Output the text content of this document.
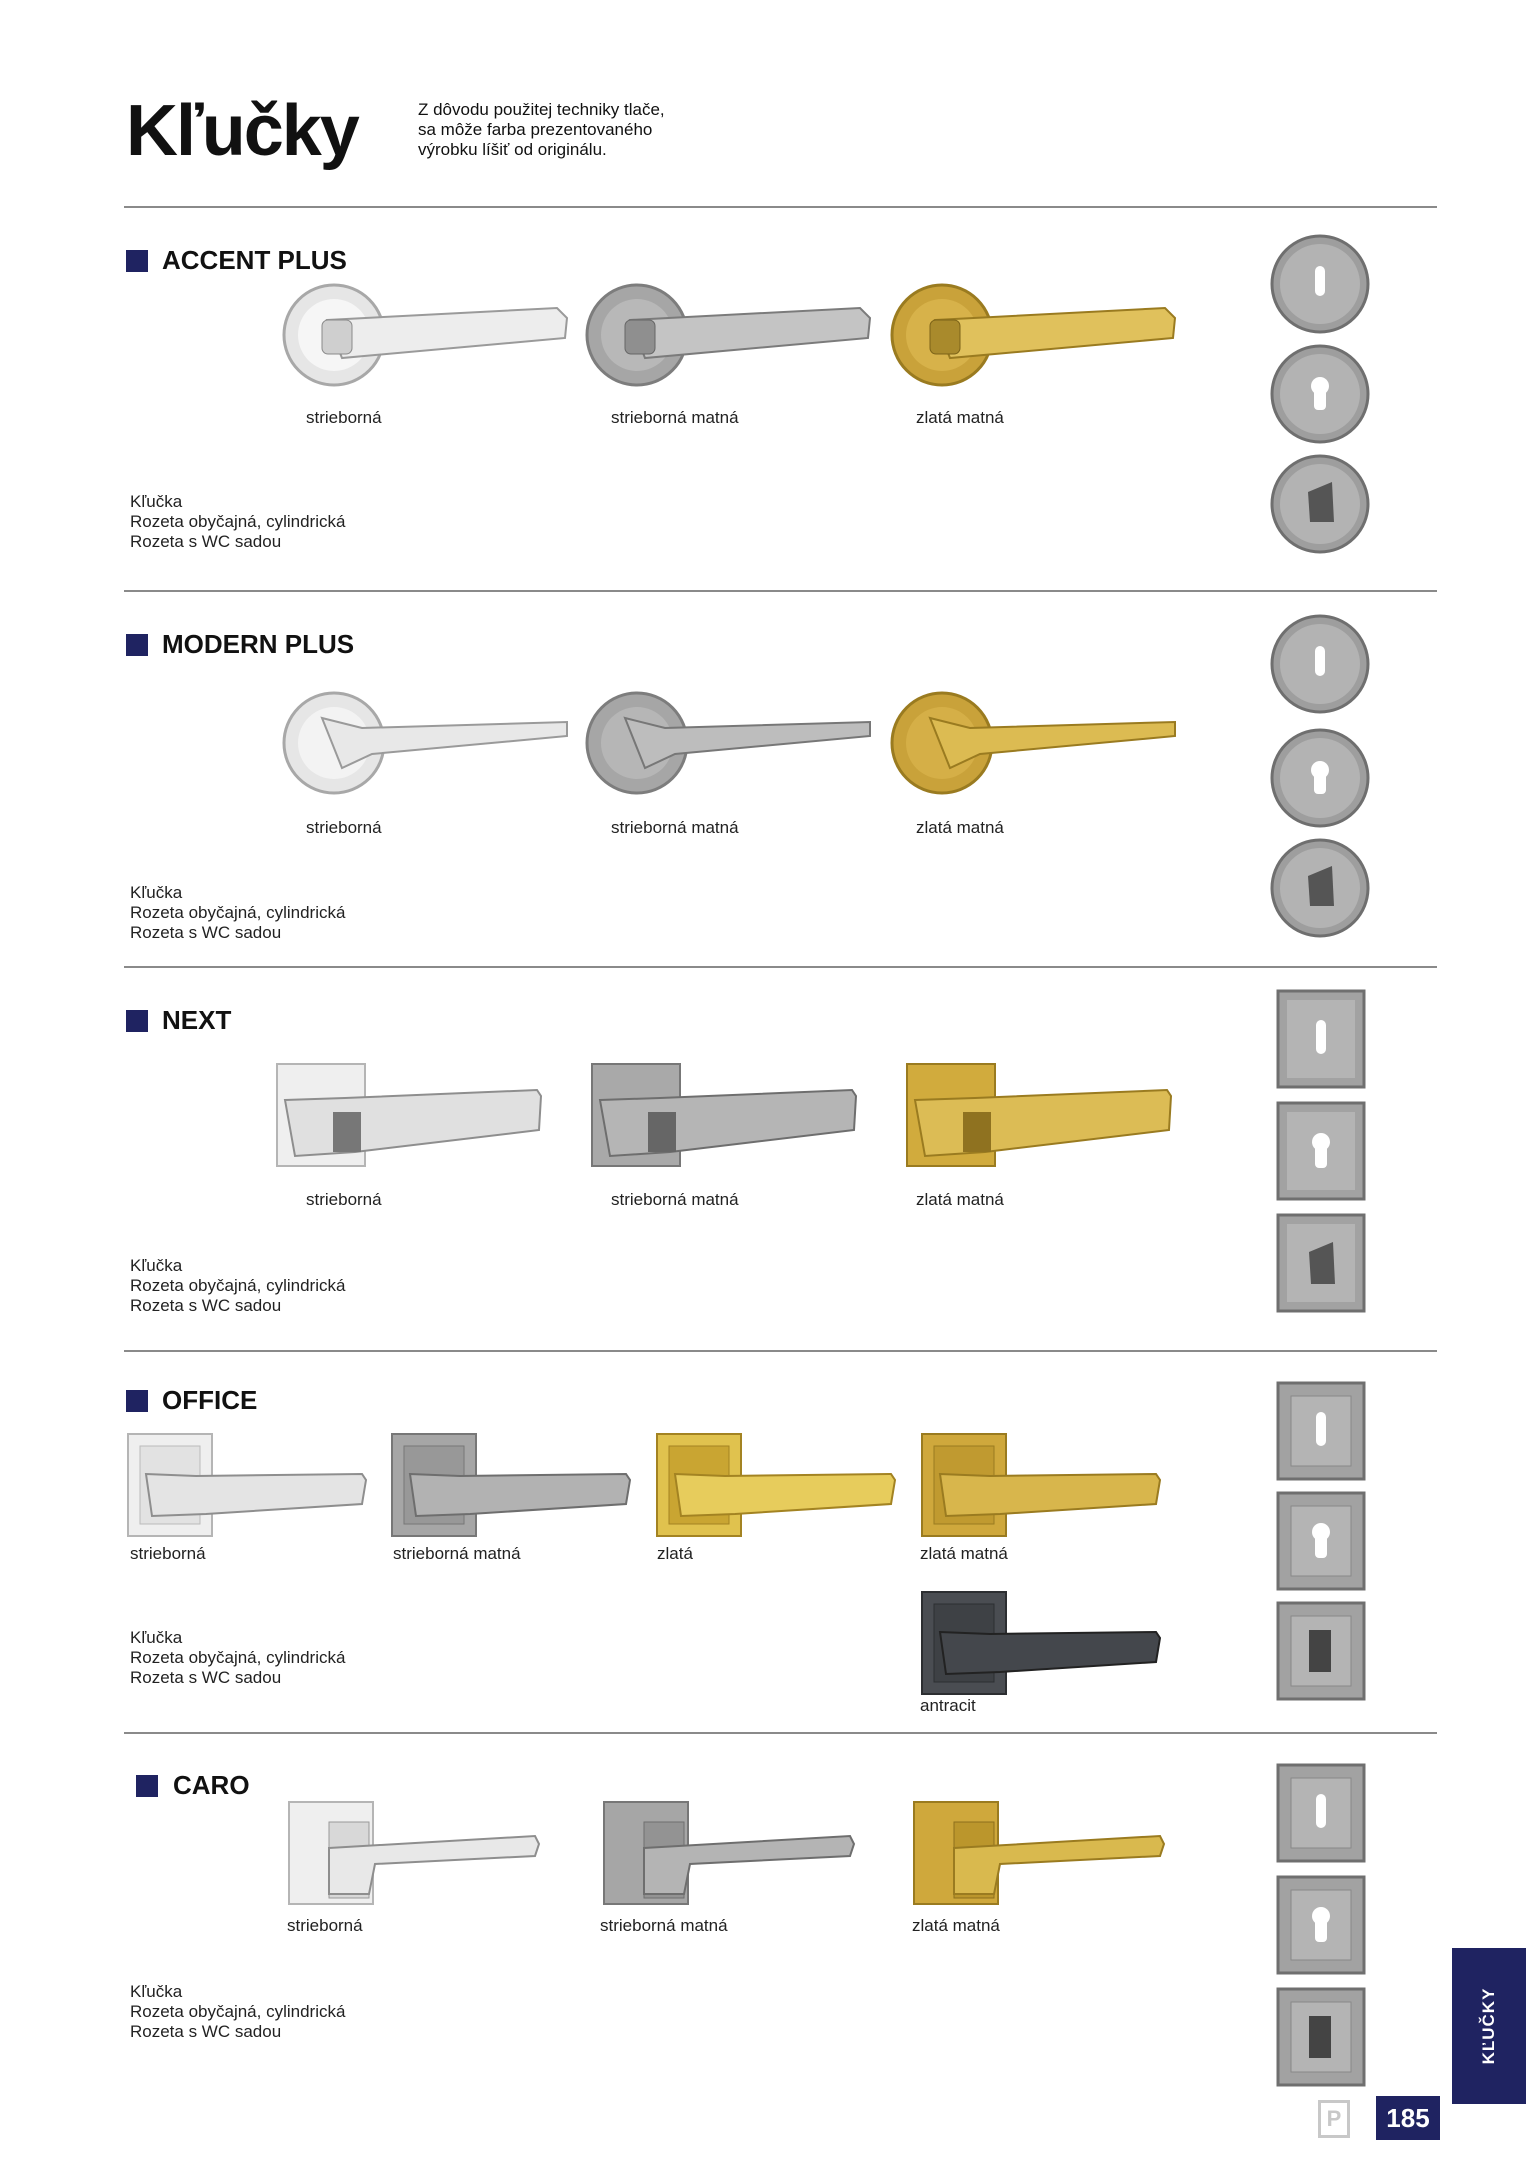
Kľučky	Z dôvodu použitej techniky tlače,
sa môže farba prezentovaného
výrobku líšiť od originálu.
ACCENT PLUS
strieborná	strieborná matná	zlatá matná
Kľučka
Rozeta obyčajná, cylindrická
Rozeta s WC sadou
MODERN PLUS
strieborná	strieborná matná	zlatá matná
Kľučka
Rozeta obyčajná, cylindrická
Rozeta s WC sadou
NEXT
strieborná	strieborná matná	zlatá matná
Kľučka
Rozeta obyčajná, cylindrická
Rozeta s WC sadou
OFFICE
strieborná	strieborná matná	zlatá	zlatá matná
antracit
Kľučka
Rozeta obyčajná, cylindrická
Rozeta s WC sadou
CARO
strieborná	strieborná matná	zlatá matná
Kľučka
Rozeta obyčajná, cylindrická
Rozeta s WC sadou	KĽUČKY
P	185
